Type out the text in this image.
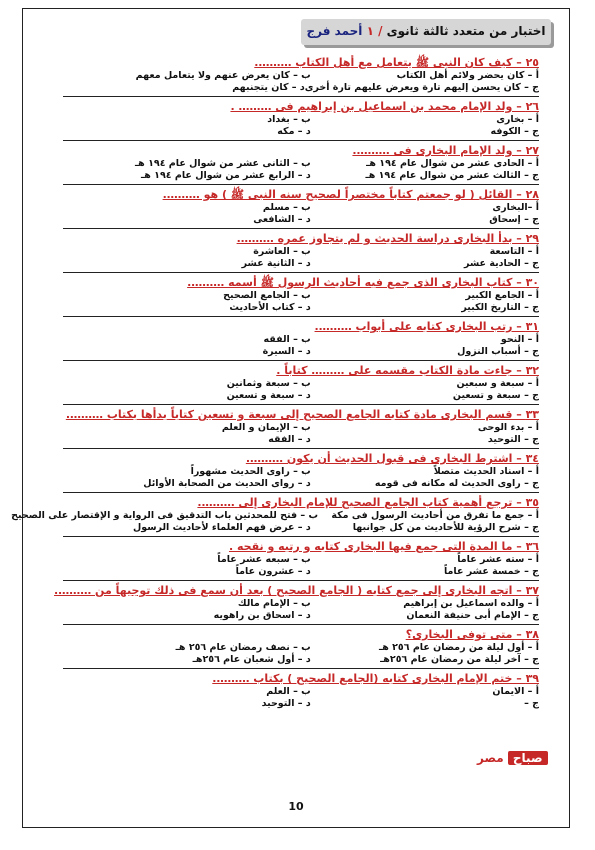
اختبار من متعدد ثالثة ثانوى / ١ أحمد فرج
٢٥ – كيف كان النبى ﷺ يتعامل مع أهل الكتاب ……….
أ – كان يحضر ولائم أهل الكتاب
ب – كان يعرض عنهم ولا يتعامل معهم
ج – كان يحسن إليهم تارة ويعرض عليهم تارة أخرى
د – كان يتجنبهم
٢٦ – ولد الإمام محمد بن اسماعيل بن إبراهيم فى ……… .
أ – بخارى
ب – بغداد
ج – الكوفه
د – مكه
٢٧ – ولد الإمام البخارى فى ……….
أ – الحادى عشر من شوال عام ١٩٤ هـ
ب – الثانى عشر من شوال عام ١٩٤ هـ
ج – الثالث عشر من شوال عام ١٩٤ هـ
د – الرابع عشر من شوال عام ١٩٤ هـ
٢٨ – القائل ( لو جمعتم كتاباً مختصراً لصحيح سنه النبى ﷺ ) هو ……….
أ –البخارى
ب – مسلم
ج – إسحاق
د – الشافعى
٢٩ – بدأ البخارى دراسة الحديث و لم يتجاوز عمره ……….
أ – التاسعة
ب – العاشرة
ج – الحادية عشر
د – الثانية عشر
٣٠ – كتاب البخارى الذى جمع فيه أحاديث الرسول ﷺ أسمه ……….
أ – الجامع الكبير
ب – الجامع الصحيح
ج – التاريخ الكبير
د – كتاب الأحاديث
٣١ – رتب البخارى كتابه على أبواب ……….
أ – النحو
ب – الفقه
ج – أسباب النزول
د – السيرة
٣٢ – جاءت مادة الكتاب مقسمه على ……… كتاباً .
أ – سبعة و سبعين
ب – سبعة وثمانين
ج – سبعة و تسعين
د – سبعة و تسعين
٣٣ – قسم البخارى مادة كتابه الجامع الصحيح إلى سبعة و تسعين كتاباً بدأها بكتاب ……….
أ – بدء الوحى
ب – الإيمان و العلم
ج – التوحيد
د – الفقه
٣٤ – اشترط البخارى فى قبول الحديث أن يكون ……….
أ – اسناد الحديث متصلاً
ب – راوى الحديث مشهوراً
ج – راوى الحديث له مكانه فى قومه
د – رواى الحديث من الصحابة الأوائل
٣٥ – ترجع أهمية كتاب الجامع الصحيح للإمام البخارى إلى ……….
أ – جمع ما تفرق من أحاديث الرسول فى مكة
ب – فتح للمحدثين باب التدقيق فى الرواية و الإقتصار على الصحيح
ج – شرح الرؤية للأحاديث من كل جوانبها
د – عرض فهم العلماء لأحاديث الرسول
٣٦ – ما المدة التى جمع فيها البخارى كتابه و رتبه و نقحه .
أ – سته عشر عاماً
ب – سبعه عشر عاماً
ج – خمسة عشر عاماً
د – عشرون عاماً
٣٧ – اتجه البخارى إلى جمع كتابه ( الجامع الصحيح ) بعد أن سمع فى ذلك توجيهاً من ……….
أ – والده اسماعيل بن إبراهيم
ب – الإمام مالك
ج – الإمام أبى حنيفة النعمان
د – اسحاق بن راهويه
٣٨ – متى توفى البخارى؟
أ – أول ليلة من رمضان عام ٢٥٦ هـ
ب – نصف رمضان عام ٢٥٦ هـ
ج – آخر ليلة من رمضان عام ٢٥٦هـ
د – أول شعبان عام ٢٥٦هـ
٣٩ – ختم الإمام البخارى كتابه (الجامع الصحيح ) بكتاب ……….
أ – الايمان
ب – العلم
ج –
د – التوحيد
10
مصر صباح
